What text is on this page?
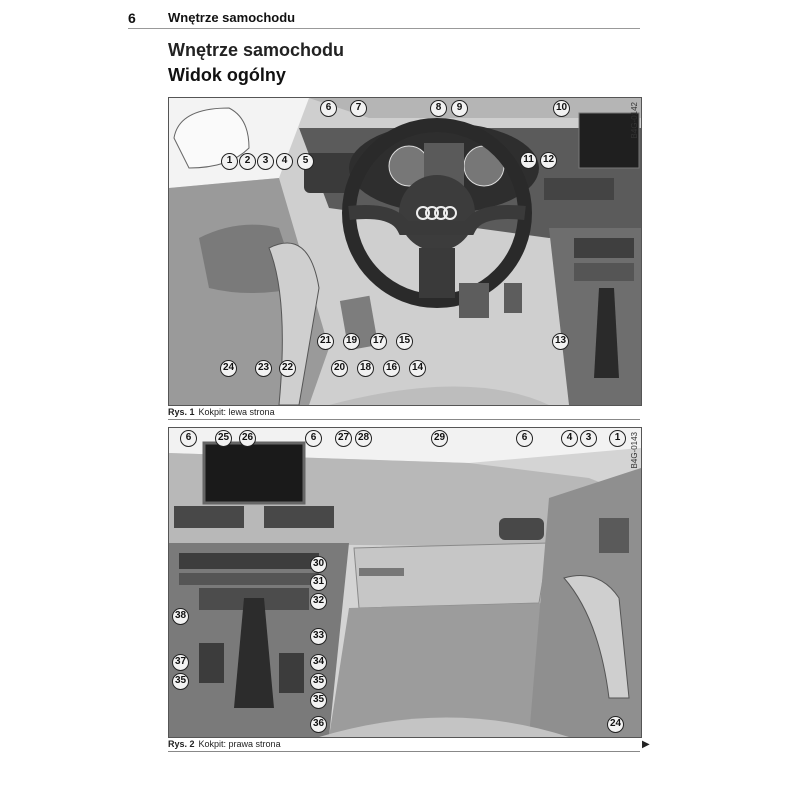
6 Wnętrze samochodu
Wnętrze samochodu
Widok ogólny
B4G-0142
1	2	3	4	5
6	7	8	9	10
11 12
13
14
15
16
17
18
19
20
21
22
23
24
Rys. 1 Kokpit: lewa strona
B4G-0143
6	25 26	6	27 28	29	6	4	3	1
30
31
32
38
33
37	34
35	35
35
36	24
Rys. 2 Kokpit: prawa strona	▶
